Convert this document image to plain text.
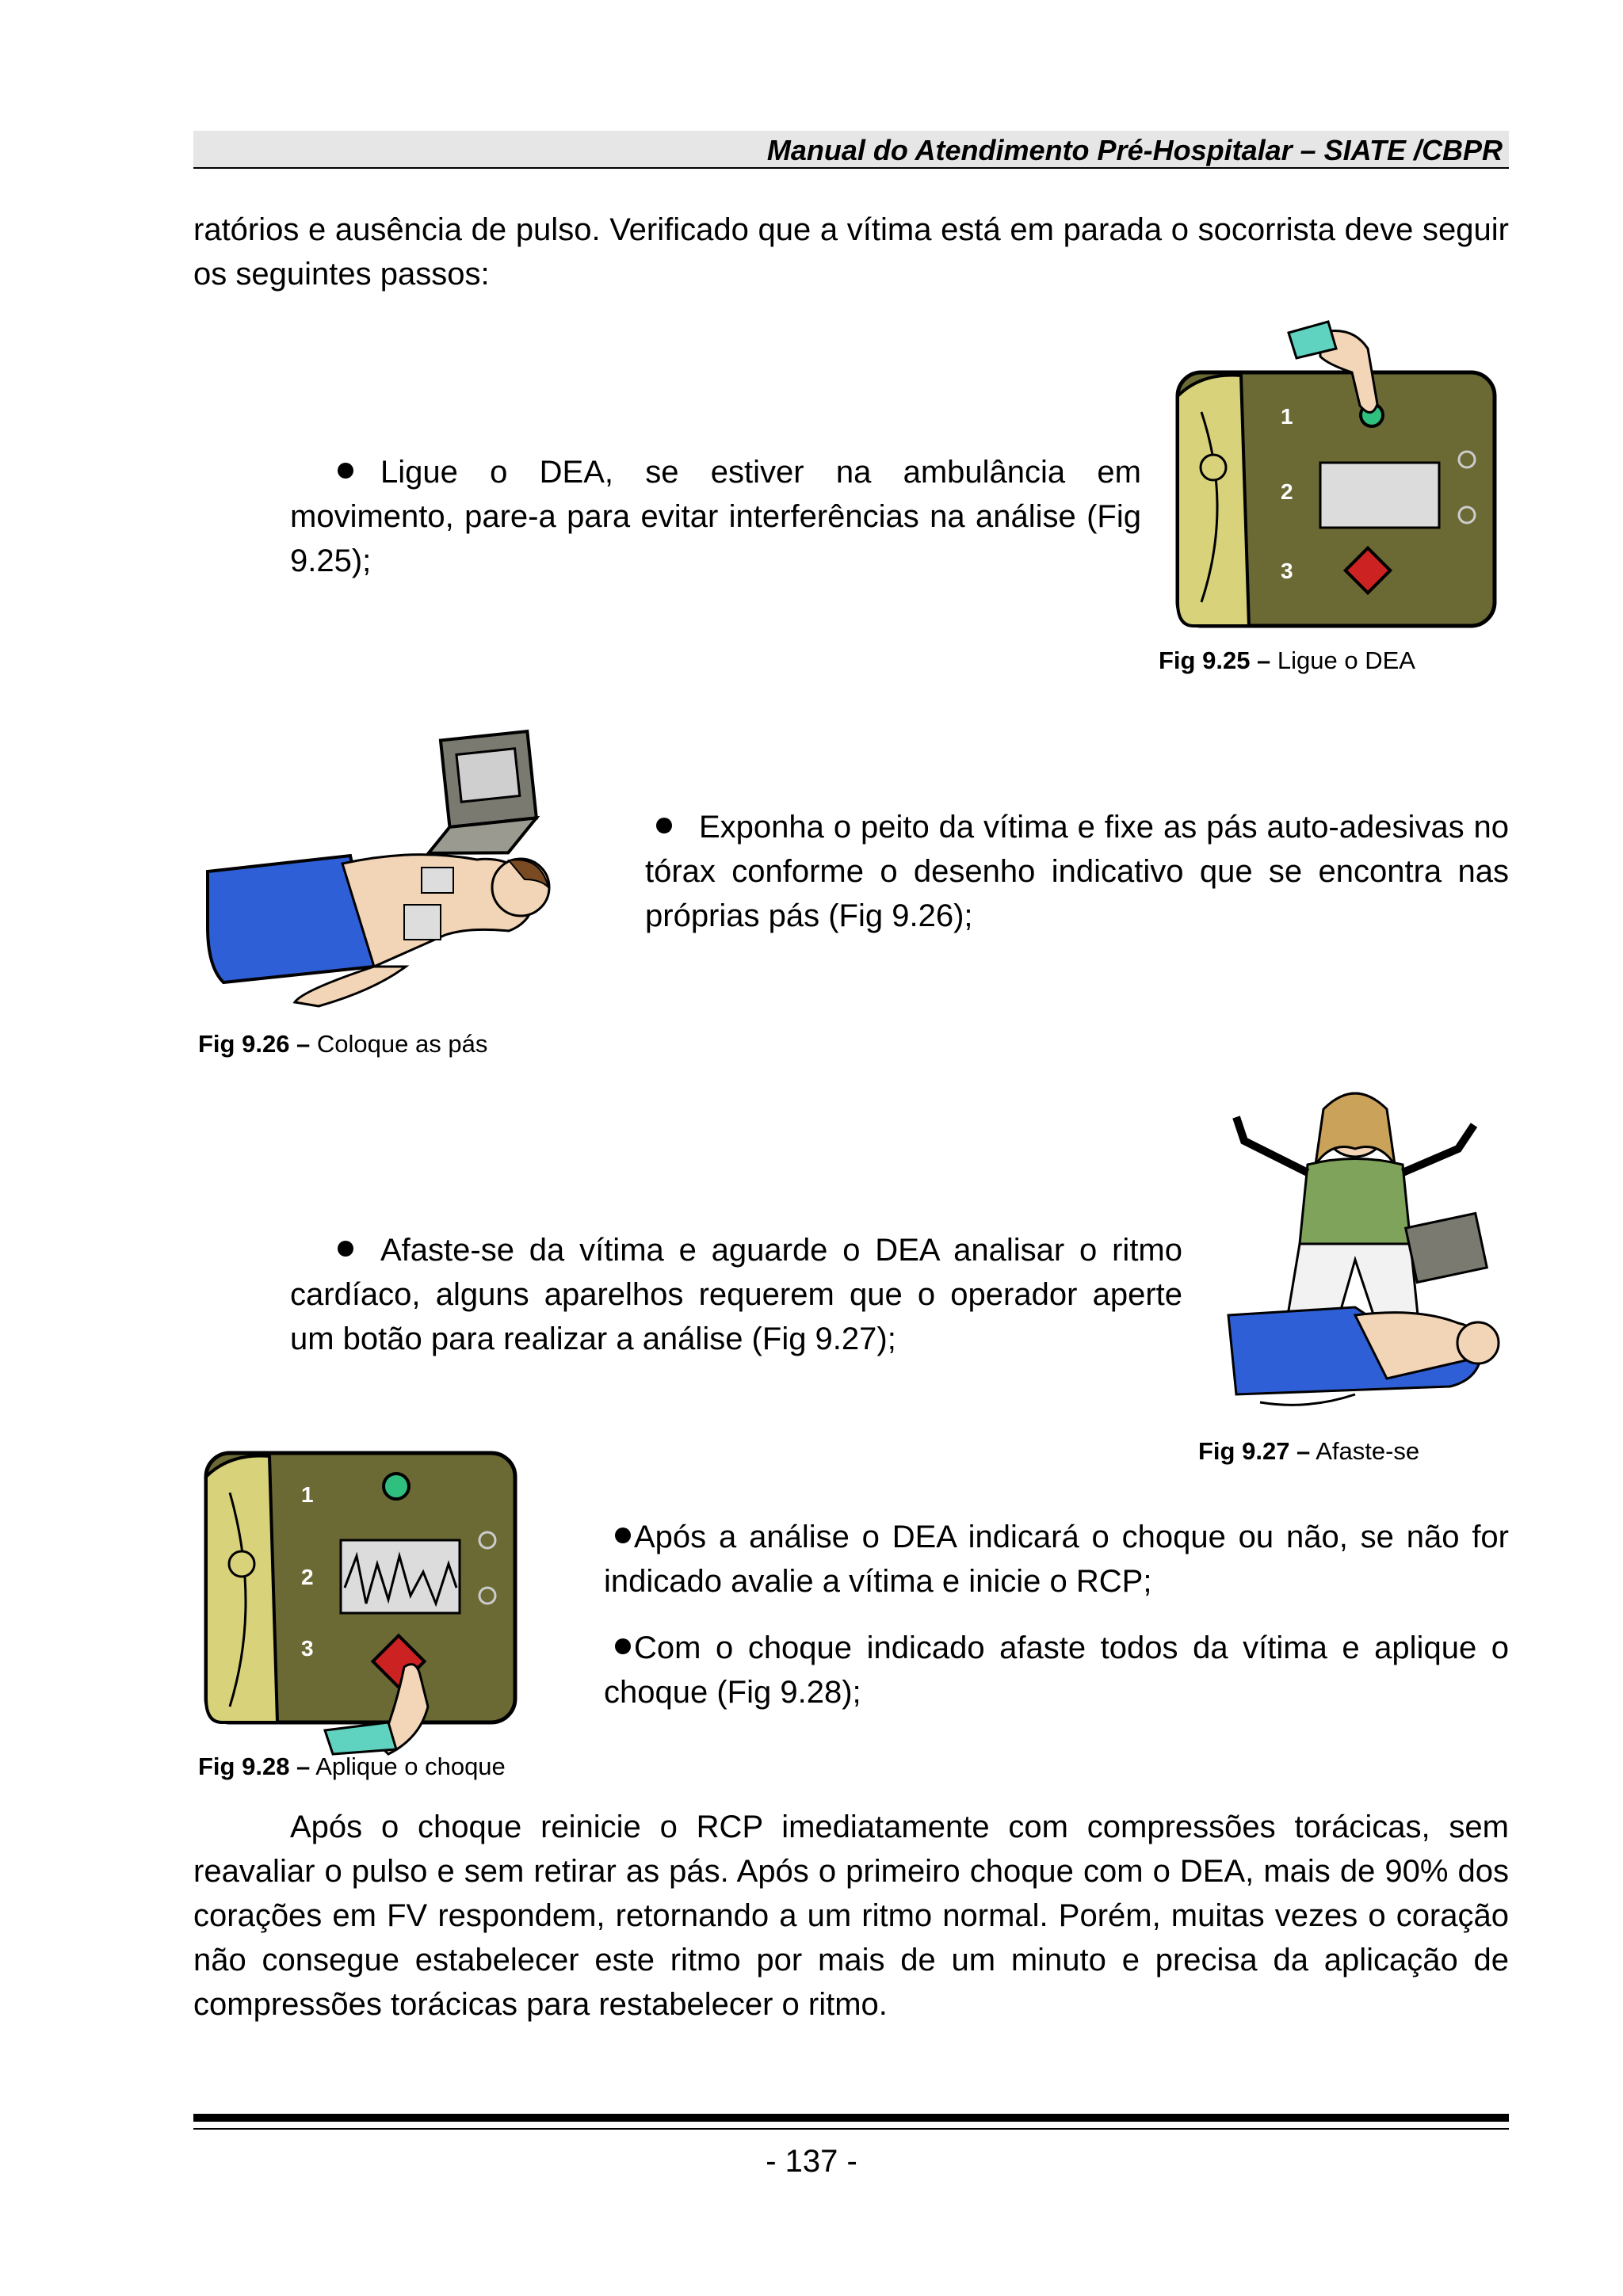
Manual do Atendimento Pré-Hospitalar – SIATE /CBPR
ratórios e ausência de pulso. Verificado que a vítima está em parada o socorrista deve seguir os seguintes passos:
Ligue o DEA, se estiver na ambulância em movimento, pare-a para evitar interferências na análise (Fig 9.25);
1
2
3
Fig 9.25 – Ligue o DEA
Exponha o peito da vítima e fixe as pás auto-adesivas no tórax conforme o desenho indicativo que se encontra nas próprias pás (Fig 9.26);
Fig 9.26 – Coloque as pás
Afaste-se da vítima e aguarde o DEA analisar o ritmo cardíaco, alguns aparelhos requerem que o operador aperte um botão para realizar a análise (Fig 9.27);
Fig 9.27 – Afaste-se
1
2
3
Fig 9.28 – Aplique o choque
Após a análise o DEA indicará o choque ou não, se não for indicado avalie a vítima e inicie o RCP;
Com o choque indicado afaste todos da vítima e aplique o choque (Fig 9.28);
Após o choque reinicie o RCP imediatamente com compressões torácicas, sem reavaliar o pulso e sem retirar as pás. Após o primeiro choque com o DEA, mais de 90% dos corações em FV respondem, retornando a um ritmo normal. Porém, muitas vezes o coração não consegue estabelecer este ritmo por mais de um minuto e precisa da aplicação de compressões torácicas para restabelecer o ritmo.
- 137 -
